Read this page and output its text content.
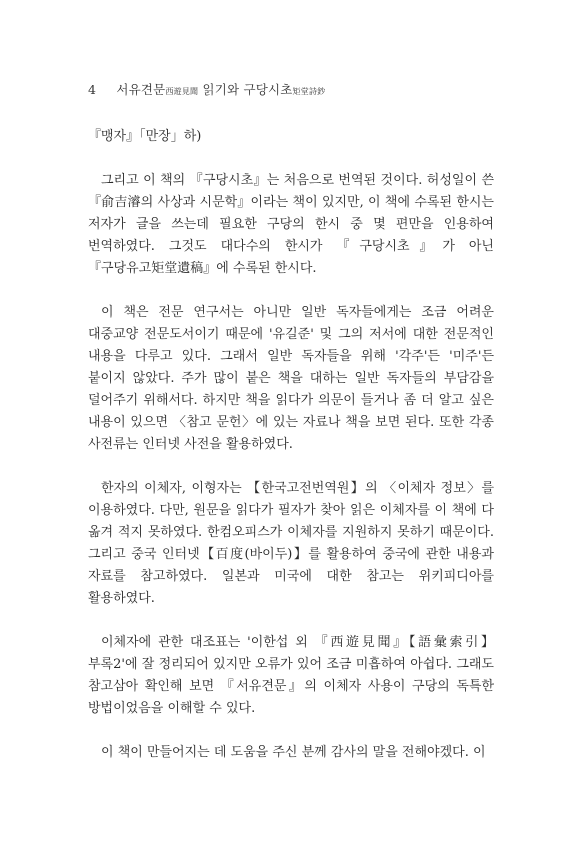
4 서유견문西遊見聞 읽기와 구당시초矩堂詩鈔

『맹자』「만장」하)

그리고 이 책의 『구당시초』는 처음으로 번역된 것이다. 허성일이 쓴 『俞吉濬의 사상과 시문학』이라는 책이 있지만, 이 책에 수록된 한시는 저자가 글을 쓰는데 필요한 구당의 한시 중 몇 편만을 인용하여 번역하였다. 그것도 대다수의 한시가 『구당시초』가 아닌 『구당유고矩堂遺稿』에 수록된 한시다.

이 책은 전문 연구서는 아니만 일반 독자들에게는 조금 어려운 대중교양 전문도서이기 때문에 '유길준' 및 그의 저서에 대한 전문적인 내용을 다루고 있다. 그래서 일반 독자들을 위해 '각주'든 '미주'든 붙이지 않았다. 주가 많이 붙은 책을 대하는 일반 독자들의 부담감을 덜어주기 위해서다. 하지만 책을 읽다가 의문이 들거나 좀 더 알고 싶은 내용이 있으면 〈참고 문헌〉에 있는 자료나 책을 보면 된다. 또한 각종 사전류는 인터넷 사전을 활용하였다.

한자의 이체자, 이형자는 【한국고전번역원】의 〈이체자 정보〉를 이용하였다. 다만, 원문을 읽다가 필자가 찾아 읽은 이체자를 이 책에 다 옮겨 적지 못하였다. 한컴오피스가 이체자를 지원하지 못하기 때문이다. 그리고 중국 인터넷【百度(바이두)】를 활용하여 중국에 관한 내용과 자료를 참고하였다. 일본과 미국에 대한 참고는 위키피디아를 활용하였다.

이체자에 관한 대조표는 '이한섭 외 『西遊見聞』【語彙索引】 부록2'에 잘 정리되어 있지만 오류가 있어 조금 미흡하여 아쉽다. 그래도 참고삼아 확인해 보면 『서유견문』의 이체자 사용이 구당의 독특한 방법이었음을 이해할 수 있다.

이 책이 만들어지는 데 도움을 주신 분께 감사의 말을 전해야겠다. 이
